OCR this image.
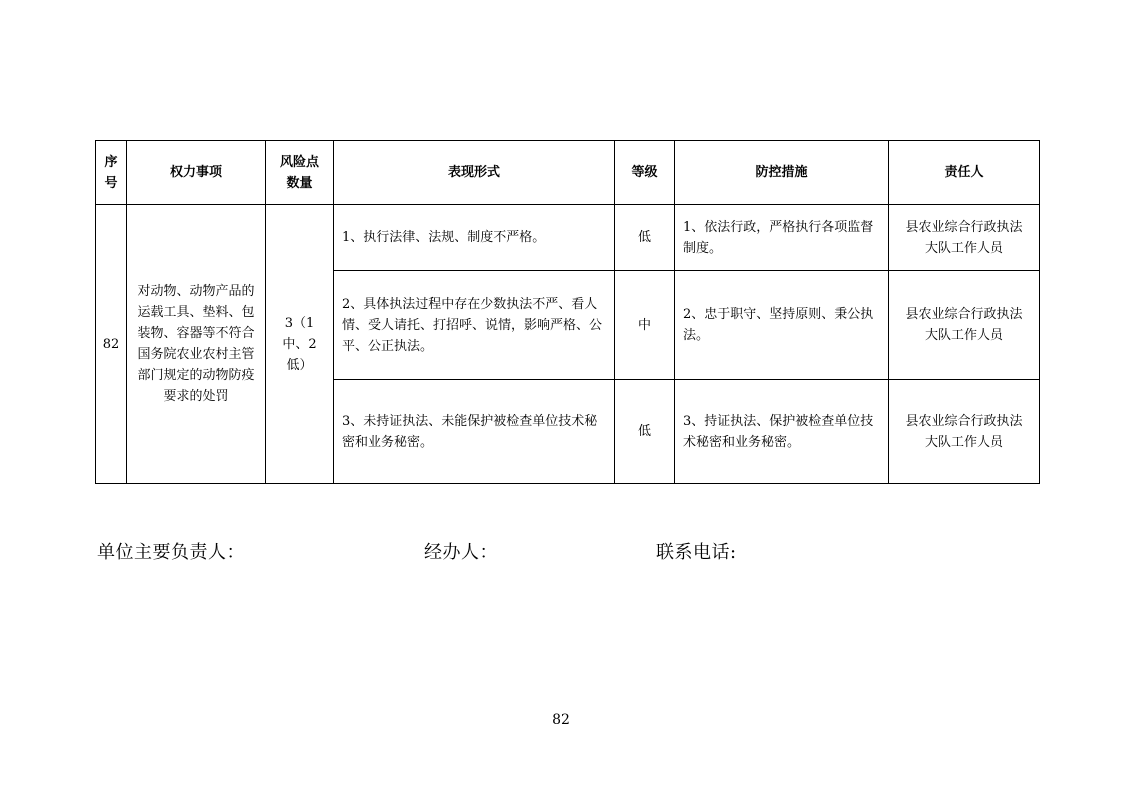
序号	权力事项	风险点数量	表现形式	等级	防控措施	责任人
82	对动物、动物产品的运载工具、垫料、包装物、容器等不符合国务院农业农村主管部门规定的动物防疫要求的处罚	3（1中、2低）	1、执行法律、法规、制度不严格。	低	1、依法行政，严格执行各项监督制度。	县农业综合行政执法大队工作人员
			2、具体执法过程中存在少数执法不严、看人情、受人请托、打招呼、说情，影响严格、公平、公正执法。	中	2、忠于职守、坚持原则、秉公执法。	县农业综合行政执法大队工作人员
			3、未持证执法、未能保护被检查单位技术秘密和业务秘密。	低	3、持证执法、保护被检查单位技术秘密和业务秘密。	县农业综合行政执法大队工作人员
单位主要负责人：	经办人：	联系电话:
82
